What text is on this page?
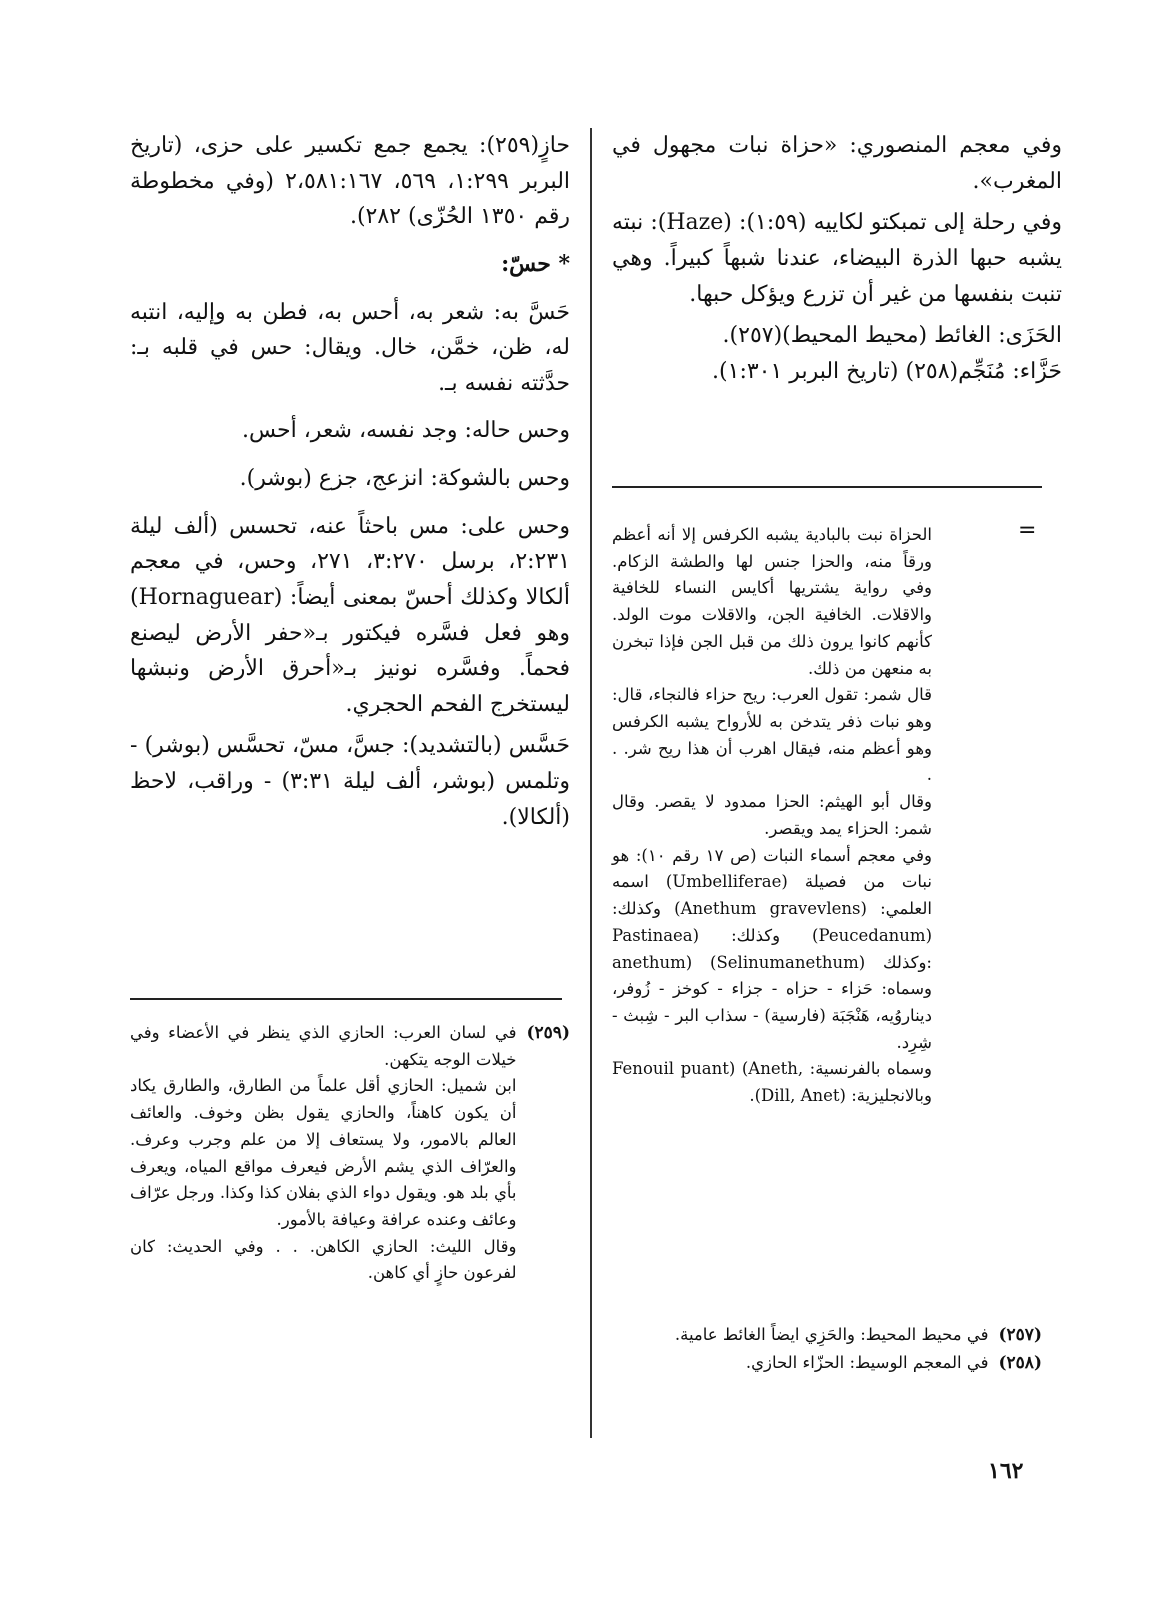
وفي معجم المنصوري: «حزاة نبات مجهول في المغرب».

وفي رحلة إلى تمبكتو لكاييه (١:٥٩): (Haze): نبته يشبه حبها الذرة البيضاء، عندنا شبهاً كبيراً. وهي تنبت بنفسها من غير أن تزرع ويؤكل حبها.

الحَزَى: الغائط (محيط المحيط)(٢٥٧).

حَزَّاء: مُنَجِّم(٢٥٨) (تاريخ البربر ١:٣٠١).

=

الحزاة نبت بالبادية يشبه الكرفس إلا أنه أعظم ورقاً منه، والحزا جنس لها والطشة الزكام. وفي رواية يشتريها أكايس النساء للخافية والاقلات. الخافية الجن، والاقلات موت الولد. كأنهم كانوا يرون ذلك من قبل الجن فإذا تبخرن به منعهن من ذلك.

قال شمر: تقول العرب: ريح حزاء فالنجاء، قال: وهو نبات ذفر يتدخن به للأرواح يشبه الكرفس وهو أعظم منه، فيقال اهرب أن هذا ريح شر. . .

وقال أبو الهيثم: الحزا ممدود لا يقصر. وقال شمر: الحزاء يمد ويقصر.

وفي معجم أسماء النبات (ص ١٧ رقم ١٠): هو نبات من فصيلة (Umbelliferae) اسمه العلمي: (Anethum gravevlens) وكذلك: (Peucedanum) وكذلك: (Pastinaea :وكذلك (Selinumanethum) (anethum وسماه: حَزاء - حزاه - جزاء - كوخز - زُوفر، ديناروُيه، هَنْجَبَة (فارسية) - سذاب البر - شِبث - شِرِد.

وسماه بالفرنسية: ,Fenouil puant) (Aneth وبالانجليزية: (Dill, Anet).

(٢٥٧)

في محيط المحيط: والحَزِي ايضاً الغائط عامية.

(٢٥٨)

في المعجم الوسيط: الحزّاء الحازي.

حازٍ(٢٥٩): يجمع جمع تكسير على حزى، (تاريخ البربر ١:٢٩٩، ٥٦٩، ٢،٥٨١:١٦٧ (وفي مخطوطة رقم ١٣٥٠ الحُزّى) ٢٨٢).

* حسّ:

حَسَّ به: شعر به، أحس به، فطن به وإليه، انتبه له، ظن، خمَّن، خال. ويقال: حس في قلبه بـ: حدَّثته نفسه بـ.

وحس حاله: وجد نفسه، شعر، أحس.

وحس بالشوكة: انزعج، جزع (بوشر).

وحس على: مس باحثاً عنه، تحسس (ألف ليلة ٢:٢٣١، برسل ٣:٢٧٠، ٢٧١، وحس، في معجم ألكالا وكذلك أحسّ بمعنى أيضاً: (Hornaguear) وهو فعل فسَّره فيكتور بـ«حفر الأرض ليصنع فحماً. وفسَّره نونيز بـ«أحرق الأرض ونبشها ليستخرج الفحم الحجري.

حَسَّس (بالتشديد): جسَّ، مسّ، تحسَّس (بوشر) - وتلمس (بوشر، ألف ليلة ٣:٣١) - وراقب، لاحظ (ألكالا).

(٢٥٩)

في لسان العرب: الحازي الذي ينظر في الأعضاء وفي خيلات الوجه يتكهن.

ابن شميل: الحازي أقل علماً من الطارق، والطارق يكاد أن يكون كاهناً، والحازي يقول بظن وخوف. والعائف العالم بالامور، ولا يستعاف إلا من علم وجرب وعرف. والعرّاف الذي يشم الأرض فيعرف مواقع المياه، ويعرف بأي بلد هو. ويقول دواء الذي بفلان كذا وكذا. ورجل عرّاف وعائف وعنده عرافة وعيافة بالأمور.

وقال الليث: الحازي الكاهن. . . وفي الحديث: كان لفرعون حازٍ أي كاهن.

١٦٢
